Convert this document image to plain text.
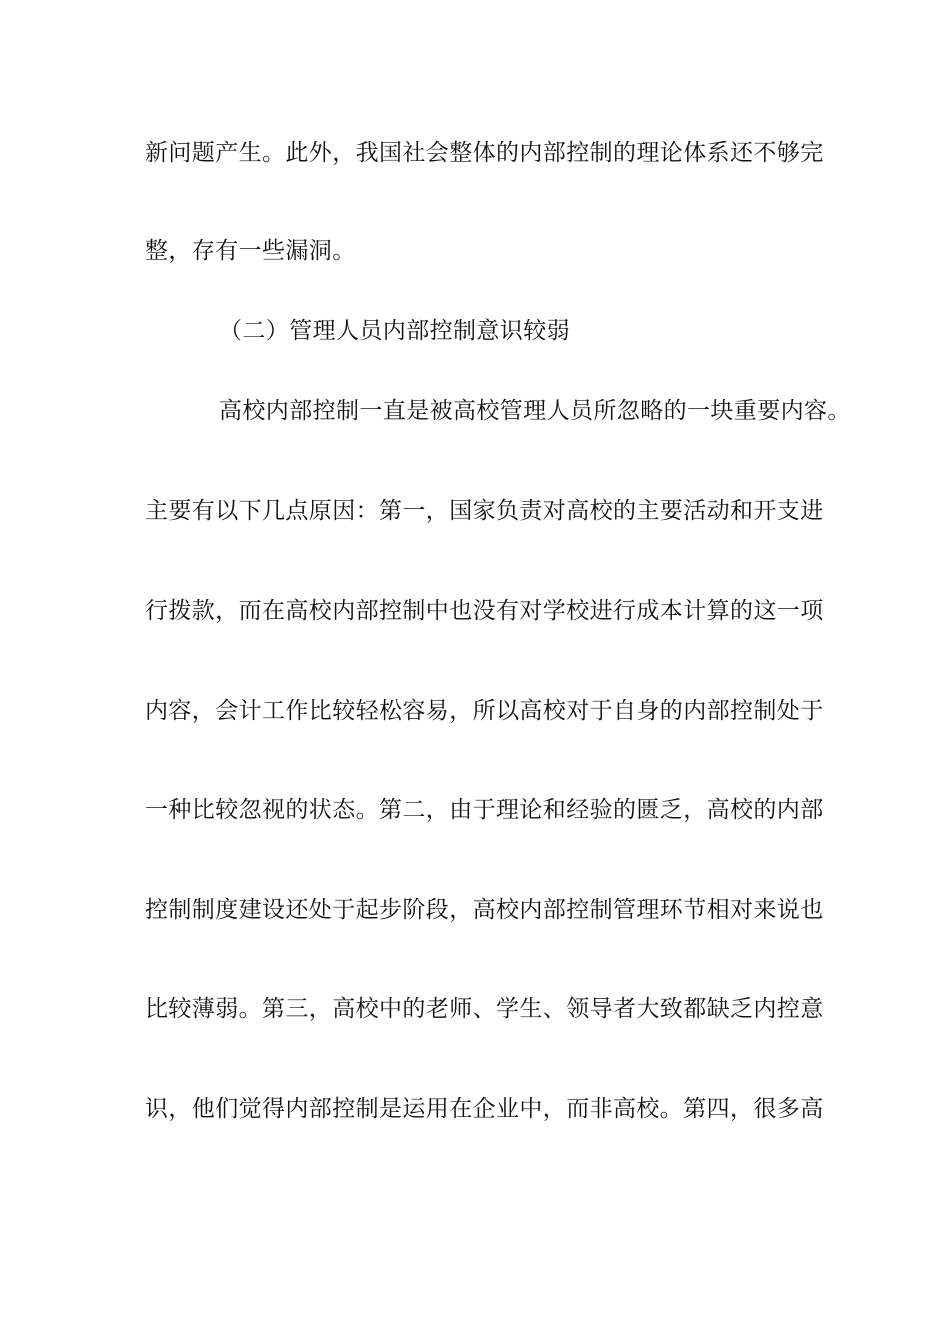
新问题产生。此外，我国社会整体的内部控制的理论体系还不够完
整，存有一些漏洞。
（二）管理人员内部控制意识较弱
高校内部控制一直是被高校管理人员所忽略的一块重要内容。
主要有以下几点原因：第一，国家负责对高校的主要活动和开支进
行拨款，而在高校内部控制中也没有对学校进行成本计算的这一项
内容，会计工作比较轻松容易，所以高校对于自身的内部控制处于
一种比较忽视的状态。第二，由于理论和经验的匮乏，高校的内部
控制制度建设还处于起步阶段，高校内部控制管理环节相对来说也
比较薄弱。第三，高校中的老师、学生、领导者大致都缺乏内控意
识，他们觉得内部控制是运用在企业中，而非高校。第四，很多高
